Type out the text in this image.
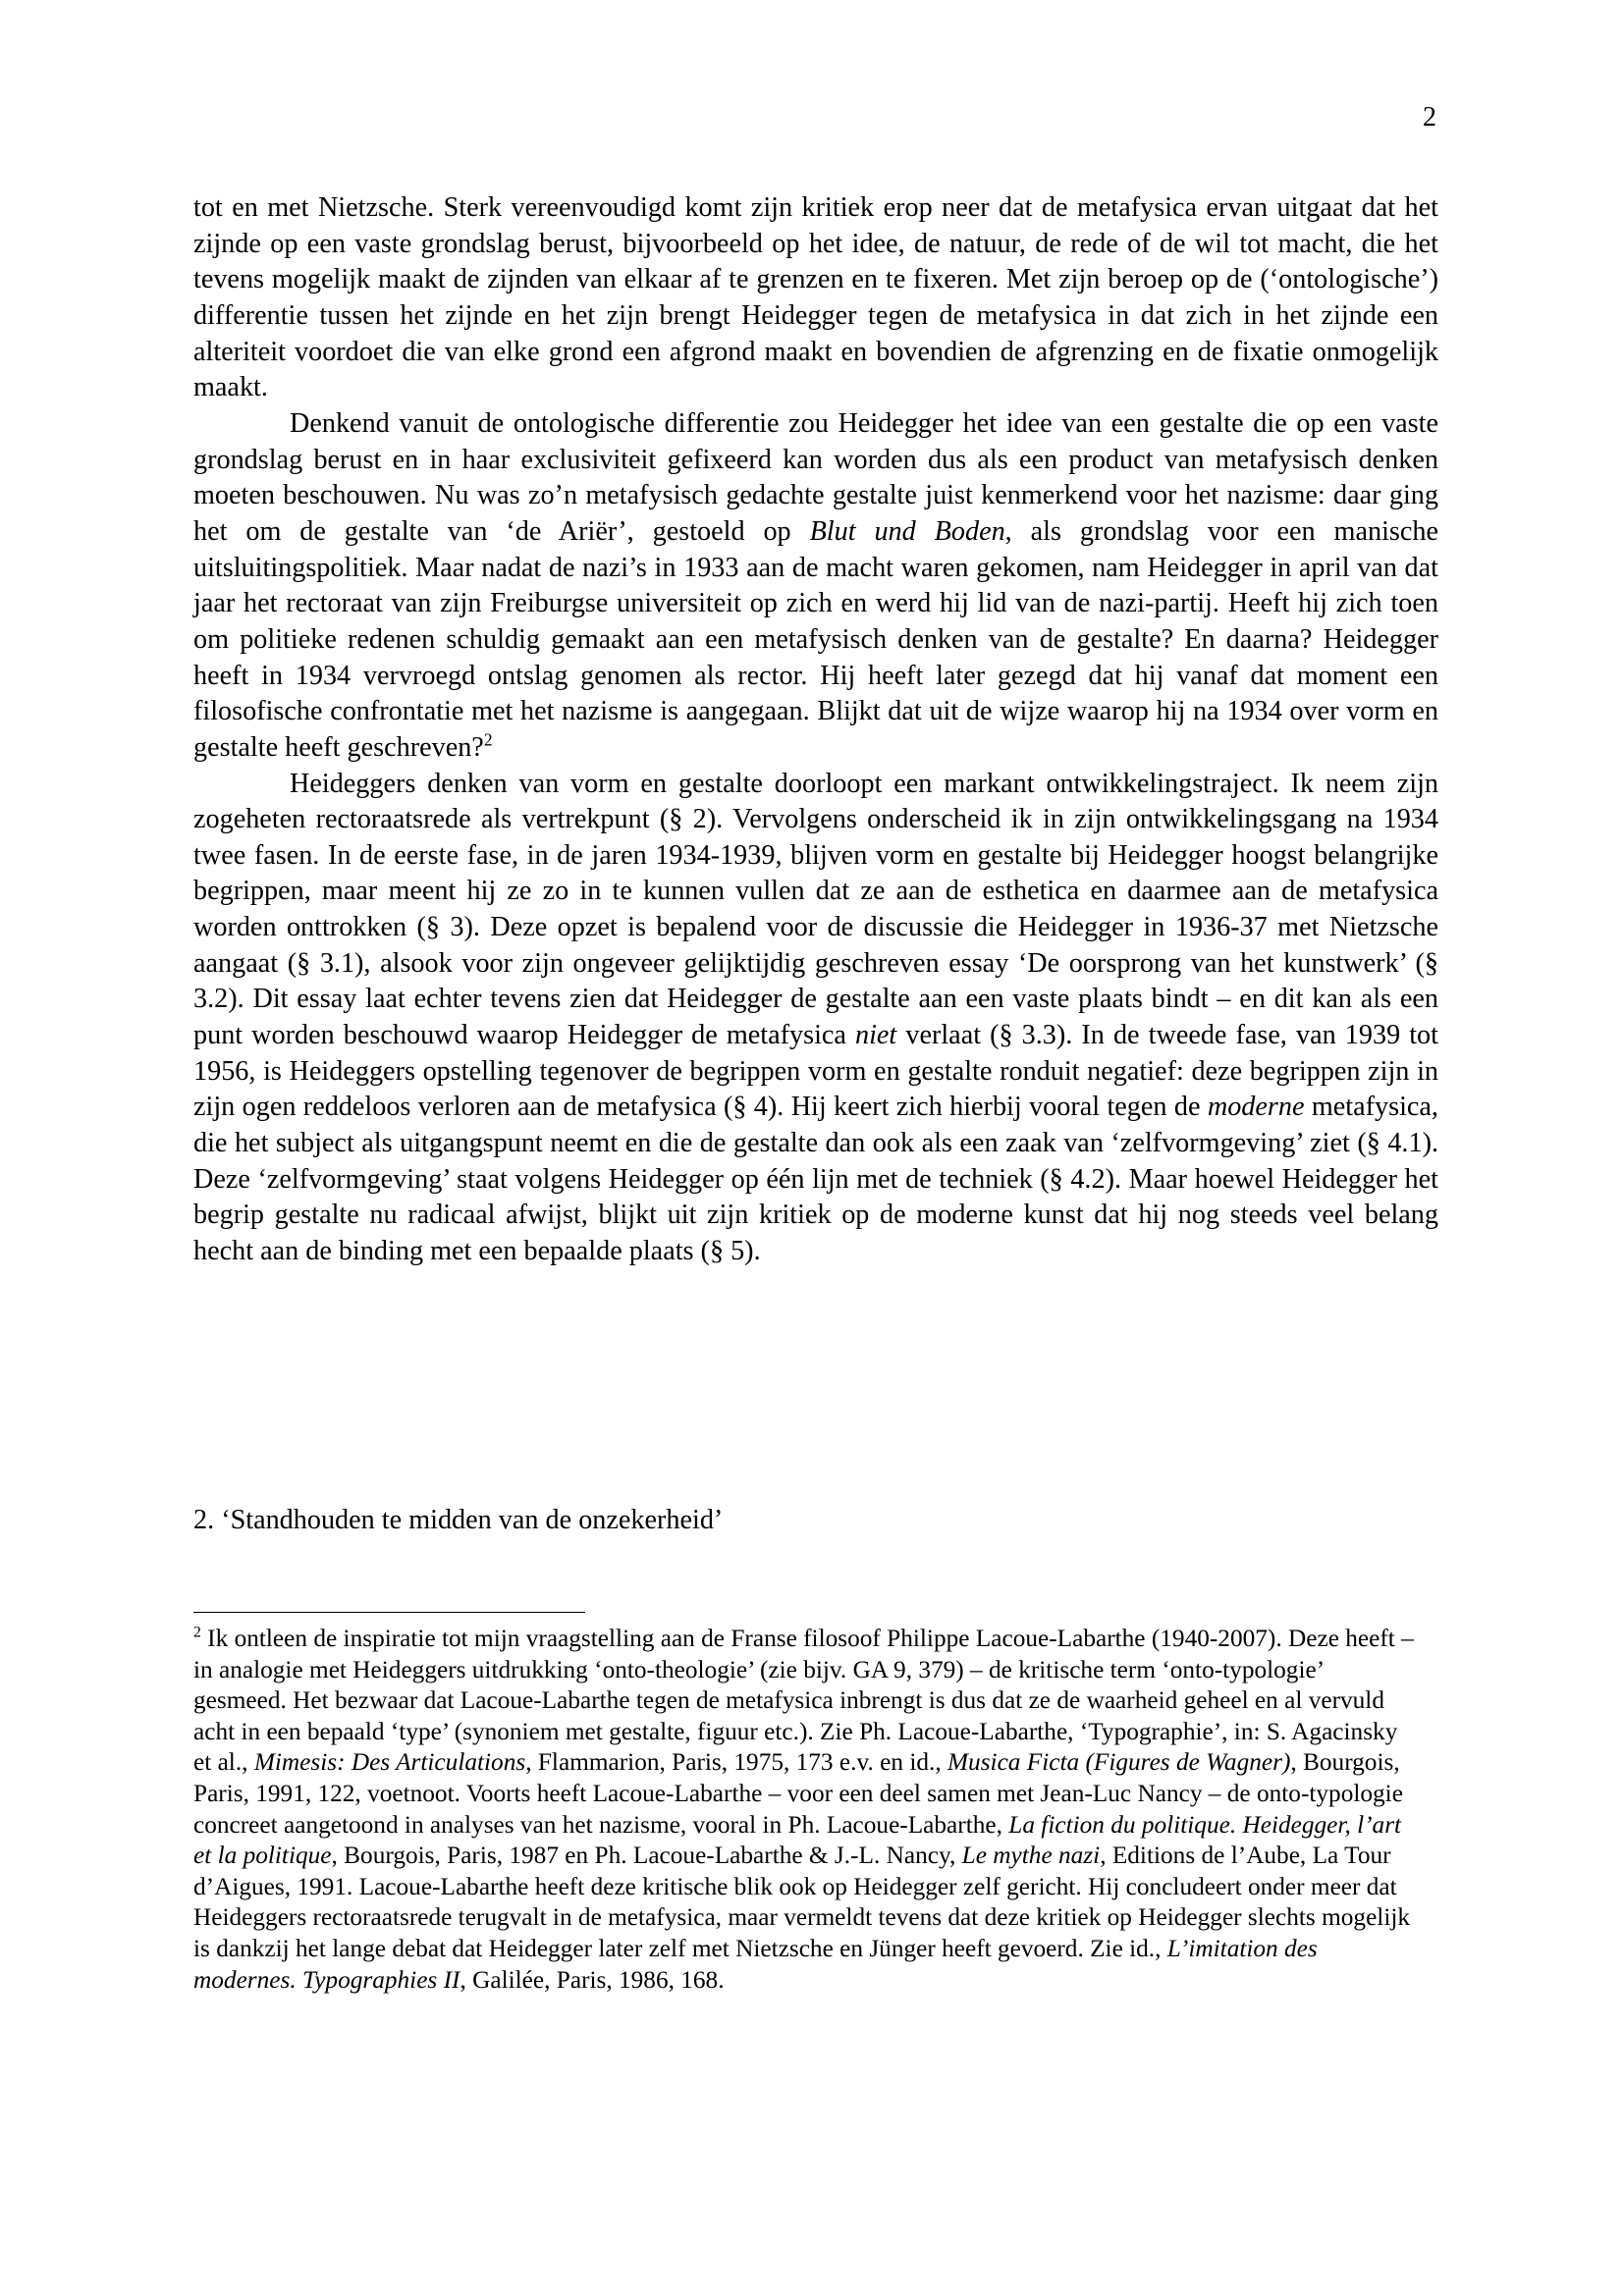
2

tot en met Nietzsche. Sterk vereenvoudigd komt zijn kritiek erop neer dat de metafysica ervan uitgaat dat het zijnde op een vaste grondslag berust, bijvoorbeeld op het idee, de natuur, de rede of de wil tot macht, die het tevens mogelijk maakt de zijnden van elkaar af te grenzen en te fixeren. Met zijn beroep op de (‘ontologische’) differentie tussen het zijnde en het zijn brengt Heidegger tegen de metafysica in dat zich in het zijnde een alteriteit voordoet die van elke grond een afgrond maakt en bovendien de afgrenzing en de fixatie onmogelijk maakt.

Denkend vanuit de ontologische differentie zou Heidegger het idee van een gestalte die op een vaste grondslag berust en in haar exclusiviteit gefixeerd kan worden dus als een product van metafysisch denken moeten beschouwen. Nu was zo’n metafysisch gedachte gestalte juist kenmerkend voor het nazisme: daar ging het om de gestalte van ‘de Ariër’, gestoeld op Blut und Boden, als grondslag voor een manische uitsluitingspolitiek. Maar nadat de nazi’s in 1933 aan de macht waren gekomen, nam Heidegger in april van dat jaar het rectoraat van zijn Freiburgse universiteit op zich en werd hij lid van de nazi-partij. Heeft hij zich toen om politieke redenen schuldig gemaakt aan een metafysisch denken van de gestalte? En daarna? Heidegger heeft in 1934 vervroegd ontslag genomen als rector. Hij heeft later gezegd dat hij vanaf dat moment een filosofische confrontatie met het nazisme is aangegaan. Blijkt dat uit de wijze waarop hij na 1934 over vorm en gestalte heeft geschreven?$^2$

Heideggers denken van vorm en gestalte doorloopt een markant ontwikkelingstraject. Ik neem zijn zogeheten rectoraatsrede als vertrekpunt (§ 2). Vervolgens onderscheid ik in zijn ontwikkelingsgang na 1934 twee fasen. In de eerste fase, in de jaren 1934-1939, blijven vorm en gestalte bij Heidegger hoogst belangrijke begrippen, maar meent hij ze zo in te kunnen vullen dat ze aan de esthetica en daarmee aan de metafysica worden onttrokken (§ 3). Deze opzet is bepalend voor de discussie die Heidegger in 1936-37 met Nietzsche aangaat (§ 3.1), alsook voor zijn ongeveer gelijktijdig geschreven essay ‘De oorsprong van het kunstwerk’ (§ 3.2). Dit essay laat echter tevens zien dat Heidegger de gestalte aan een vaste plaats bindt – en dit kan als een punt worden beschouwd waarop Heidegger de metafysica niet verlaat (§ 3.3). In de tweede fase, van 1939 tot 1956, is Heideggers opstelling tegenover de begrippen vorm en gestalte ronduit negatief: deze begrippen zijn in zijn ogen reddeloos verloren aan de metafysica (§ 4). Hij keert zich hierbij vooral tegen de moderne metafysica, die het subject als uitgangspunt neemt en die de gestalte dan ook als een zaak van ‘zelfvormgeving’ ziet (§ 4.1). Deze ‘zelfvormgeving’ staat volgens Heidegger op één lijn met de techniek (§ 4.2). Maar hoewel Heidegger het begrip gestalte nu radicaal afwijst, blijkt uit zijn kritiek op de moderne kunst dat hij nog steeds veel belang hecht aan de binding met een bepaalde plaats (§ 5).

2. ‘Standhouden te midden van de onzekerheid’

$^2$ Ik ontleen de inspiratie tot mijn vraagstelling aan de Franse filosoof Philippe Lacoue-Labarthe (1940-2007). Deze heeft – in analogie met Heideggers uitdrukking ‘onto-theologie’ (zie bijv. GA 9, 379) – de kritische term ‘onto-typologie’ gesmeed. Het bezwaar dat Lacoue-Labarthe tegen de metafysica inbrengt is dus dat ze de waarheid geheel en al vervuld acht in een bepaald ‘type’ (synoniem met gestalte, figuur etc.). Zie Ph. Lacoue-Labarthe, ‘Typographie’, in: S. Agacinsky et al., Mimesis: Des Articulations, Flammarion, Paris, 1975, 173 e.v. en id., Musica Ficta (Figures de Wagner), Bourgois, Paris, 1991, 122, voetnoot. Voorts heeft Lacoue-Labarthe – voor een deel samen met Jean-Luc Nancy – de onto-typologie concreet aangetoond in analyses van het nazisme, vooral in Ph. Lacoue-Labarthe, La fiction du politique. Heidegger, l’art et la politique, Bourgois, Paris, 1987 en Ph. Lacoue-Labarthe & J.-L. Nancy, Le mythe nazi, Editions de l’Aube, La Tour d’Aigues, 1991. Lacoue-Labarthe heeft deze kritische blik ook op Heidegger zelf gericht. Hij concludeert onder meer dat Heideggers rectoraatsrede terugvalt in de metafysica, maar vermeldt tevens dat deze kritiek op Heidegger slechts mogelijk is dankzij het lange debat dat Heidegger later zelf met Nietzsche en Jünger heeft gevoerd. Zie id., L’imitation des modernes. Typographies II, Galilée, Paris, 1986, 168.
